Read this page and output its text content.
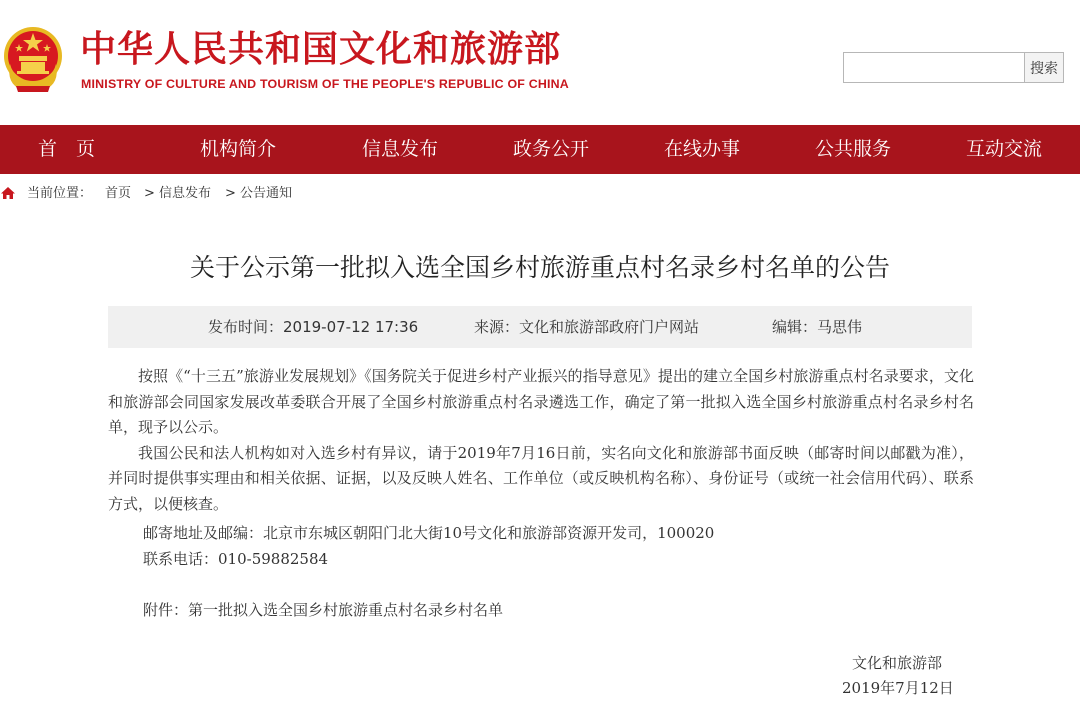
中华人民共和国文化和旅游部
MINISTRY OF CULTURE AND TOURISM OF THE PEOPLE'S REPUBLIC OF CHINA
搜索
首　页	机构简介	信息发布	政务公开	在线办事	公共服务	互动交流
当前位置： 首页 > 信息发布 > 公告通知
关于公示第一批拟入选全国乡村旅游重点村名录乡村名单的公告
发布时间：2019-07-12 17:36	来源：文化和旅游部政府门户网站	编辑：马思伟

按照《“十三五”旅游业发展规划》《国务院关于促进乡村产业振兴的指导意见》提出的建立全国乡村旅游重点村名录要求，文化和旅游部会同国家发展改革委联合开展了全国乡村旅游重点村名录遴选工作，确定了第一批拟入选全国乡村旅游重点村名录乡村名单，现予以公示。

我国公民和法人机构如对入选乡村有异议，请于2019年7月16日前，实名向文化和旅游部书面反映（邮寄时间以邮戳为准），并同时提供事实理由和相关依据、证据，以及反映人姓名、工作单位（或反映机构名称）、身份证号（或统一社会信用代码）、联系方式，以便核查。

邮寄地址及邮编：北京市东城区朝阳门北大街10号文化和旅游部资源开发司，100020
联系电话：010-59882584
附件：第一批拟入选全国乡村旅游重点村名录乡村名单
文化和旅游部
2019年7月12日
